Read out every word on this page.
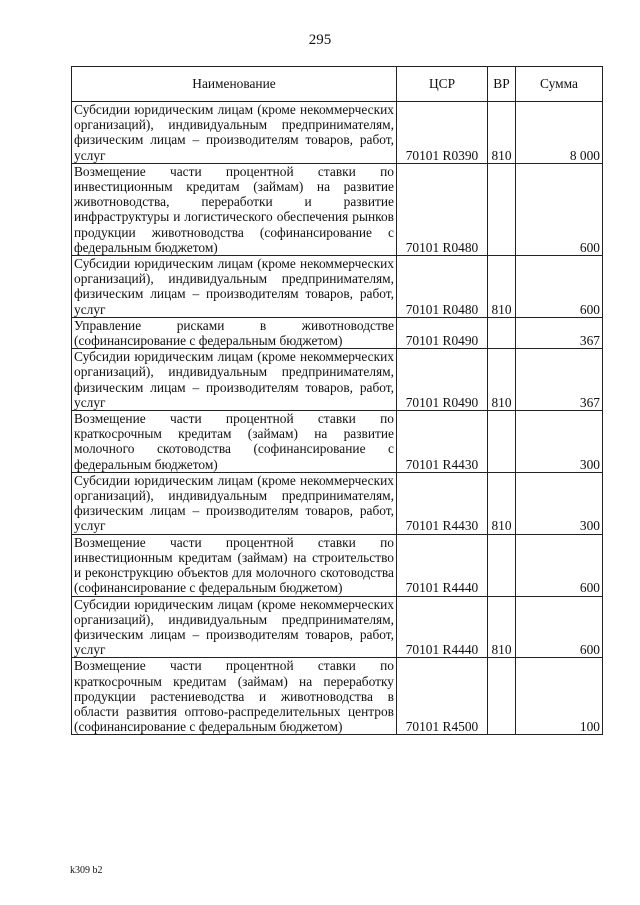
295
Наименование	ЦСР	ВР	Сумма
Субсидии юридическим лицам (кроме некоммерческих организаций), индивидуальным предпринимателям, физическим лицам – производителям товаров, работ, услуг	70101 R0390	810	8 000
Возмещение части процентной ставки по инвестиционным кредитам (займам) на развитие животноводства, переработки и развитие инфраструктуры и логистического обеспечения рынков продукции животноводства (софинансирование с федеральным бюджетом)	70101 R0480		600
Субсидии юридическим лицам (кроме некоммерческих организаций), индивидуальным предпринимателям, физическим лицам – производителям товаров, работ, услуг	70101 R0480	810	600
Управление рисками в животноводстве (софинансирование с федеральным бюджетом)	70101 R0490		367
Субсидии юридическим лицам (кроме некоммерческих организаций), индивидуальным предпринимателям, физическим лицам – производителям товаров, работ, услуг	70101 R0490	810	367
Возмещение части процентной ставки по краткосрочным кредитам (займам) на развитие молочного скотоводства (софинансирование с федеральным бюджетом)	70101 R4430		300
Субсидии юридическим лицам (кроме некоммерческих организаций), индивидуальным предпринимателям, физическим лицам – производителям товаров, работ, услуг	70101 R4430	810	300
Возмещение части процентной ставки по инвестиционным кредитам (займам) на строительство и реконструкцию объектов для молочного скотоводства (софинансирование с федеральным бюджетом)	70101 R4440		600
Субсидии юридическим лицам (кроме некоммерческих организаций), индивидуальным предпринимателям, физическим лицам – производителям товаров, работ, услуг	70101 R4440	810	600
Возмещение части процентной ставки по краткосрочным кредитам (займам) на переработку продукции растениеводства и животноводства в области развития оптово-распределительных центров (софинансирование с федеральным бюджетом)	70101 R4500		100
k309 b2
